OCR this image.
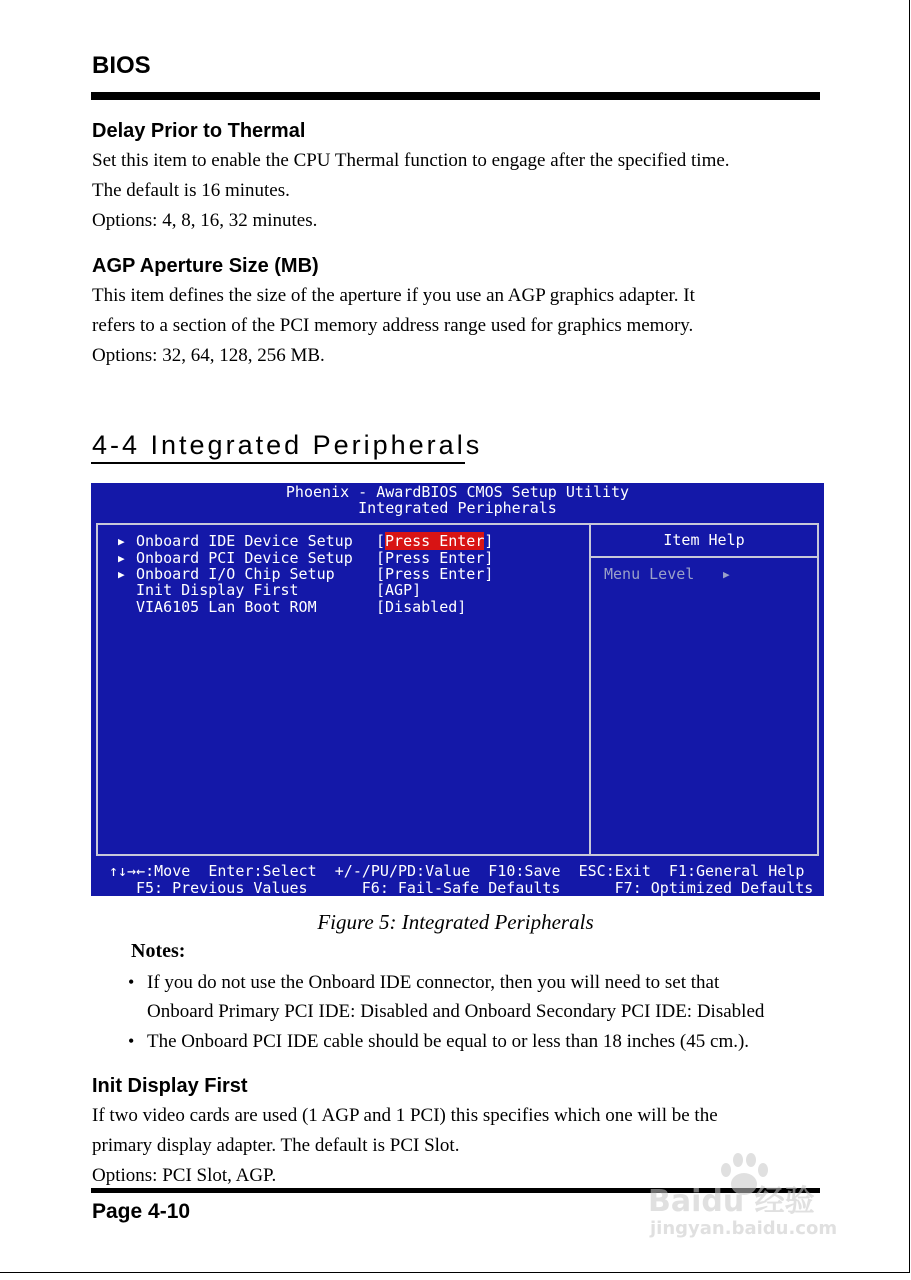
BIOS
Delay Prior to Thermal
Set this item to enable the CPU Thermal function to engage after the specified time.
The default is 16 minutes.
Options: 4, 8, 16, 32 minutes.
AGP Aperture Size (MB)
This item defines the size of the aperture if you use an AGP graphics adapter. It
refers to a section of the PCI memory address range used for graphics memory.
Options: 32, 64, 128, 256 MB.
4-4 Integrated Peripherals
Phoenix - AwardBIOS CMOS Setup Utility
Integrated Peripherals
▶ Onboard IDE Device Setup [Press Enter]
▶ Onboard PCI Device Setup [Press Enter]
▶ Onboard I/O Chip Setup	[Press Enter]
Init Display First	[AGP]
VIA6105 Lan Boot ROM	[Disabled]
Item Help
Menu Level	▶
↑↓→←:Move  Enter:Select  +/-/PU/PD:Value  F10:Save  ESC:Exit  F1:General Help
F5: Previous Values      F6: Fail-Safe Defaults      F7: Optimized Defaults
Figure 5: Integrated Peripherals
Notes:
• If you do not use the Onboard IDE connector, then you will need to set that
Onboard Primary PCI IDE: Disabled and Onboard Secondary PCI IDE: Disabled
• The Onboard PCI IDE cable should be equal to or less than 18 inches (45 cm.).
Init Display First
If two video cards are used (1 AGP and 1 PCI) this specifies which one will be the
primary display adapter. The default is PCI Slot.
Options: PCI Slot, AGP.
Page 4-10	Baidu 经验
jingyan.baidu.com
